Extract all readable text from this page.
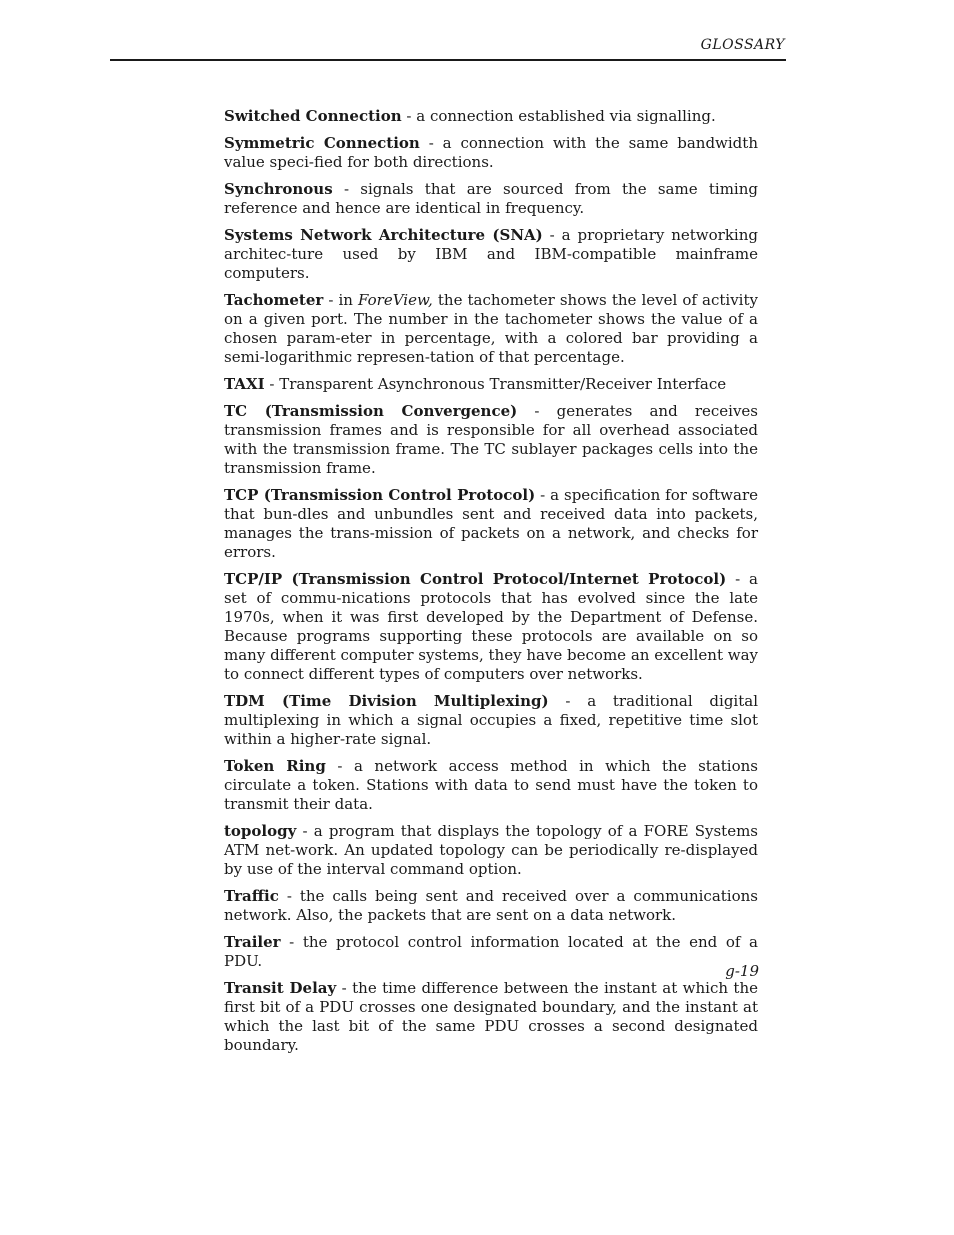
GLOSSARY

Switched Connection - a connection established via signalling.

Symmetric Connection - a connection with the same bandwidth value speci-fied for both directions.

Synchronous - signals that are sourced from the same timing reference and hence are identical in frequency.

Systems Network Architecture (SNA) - a proprietary networking architec-ture used by IBM and IBM-compatible mainframe computers.

Tachometer - in ForeView, the tachometer shows the level of activity on a given port. The number in the tachometer shows the value of a chosen param-eter in percentage, with a colored bar providing a semi-logarithmic represen-tation of that percentage.

TAXI - Transparent Asynchronous Transmitter/Receiver Interface

TC (Transmission Convergence) - generates and receives transmission frames and is responsible for all overhead associated with the transmission frame. The TC sublayer packages cells into the transmission frame.

TCP (Transmission Control Protocol) - a specification for software that bun-dles and unbundles sent and received data into packets, manages the trans-mission of packets on a network, and checks for errors.

TCP/IP (Transmission Control Protocol/Internet Protocol) - a set of commu-nications protocols that has evolved since the late 1970s, when it was first developed by the Department of Defense. Because programs supporting these protocols are available on so many different computer systems, they have become an excellent way to connect different types of computers over networks.

TDM (Time Division Multiplexing) - a traditional digital multiplexing in which a signal occupies a fixed, repetitive time slot within a higher-rate signal.

Token Ring - a network access method in which the stations circulate a token. Stations with data to send must have the token to transmit their data.

topology - a program that displays the topology of a FORE Systems ATM net-work. An updated topology can be periodically re-displayed by use of the interval command option.

Traffic - the calls being sent and received over a communications network. Also, the packets that are sent on a data network.

Trailer - the protocol control information located at the end of a PDU.

Transit Delay - the time difference between the instant at which the first bit of a PDU crosses one designated boundary, and the instant at which the last bit of the same PDU crosses a second designated boundary.

g-19
